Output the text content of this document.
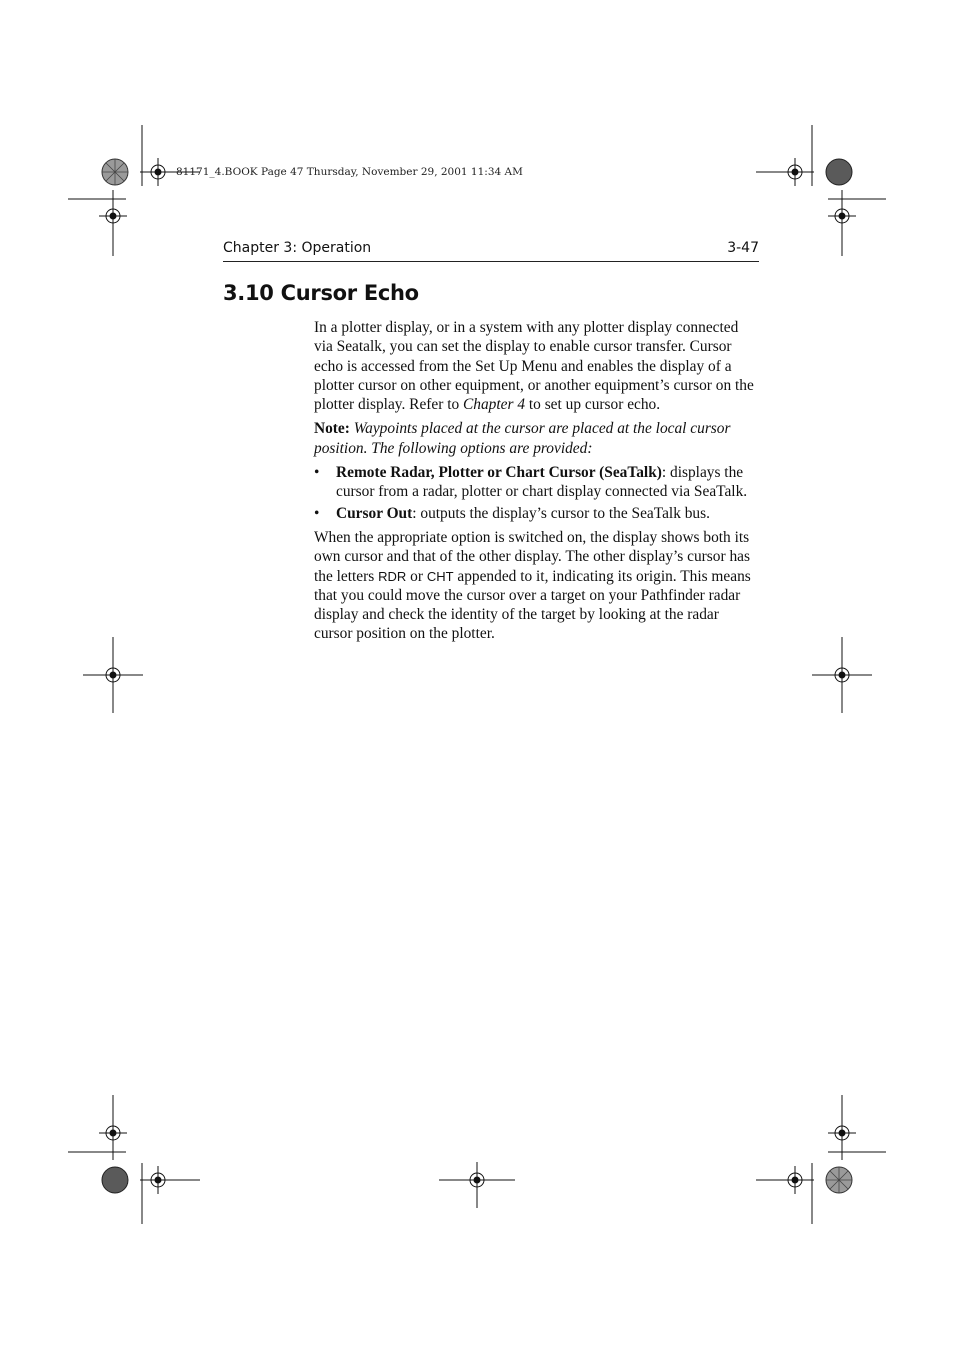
81171_4.BOOK Page 47 Thursday, November 29, 2001 11:34 AM
Chapter 3: Operation	3-47
3.10 Cursor Echo

In a plotter display, or in a system with any plotter display connected via Seatalk, you can set the display to enable cursor transfer. Cursor echo is accessed from the Set Up Menu and enables the display of a plotter cursor on other equipment, or another equipment’s cursor on the plotter display. Refer to Chapter 4 to set up cursor echo.

Note: Waypoints placed at the cursor are placed at the local cursor position. The following options are provided:

• Remote Radar, Plotter or Chart Cursor (SeaTalk): displays the cursor from a radar, plotter or chart display connected via SeaTalk.
• Cursor Out: outputs the display’s cursor to the SeaTalk bus.

When the appropriate option is switched on, the display shows both its own cursor and that of the other display. The other display’s cursor has the letters RDR or CHT appended to it, indicating its origin. This means that you could move the cursor over a target on your Pathfinder radar display and check the identity of the target by looking at the radar cursor position on the plotter.
